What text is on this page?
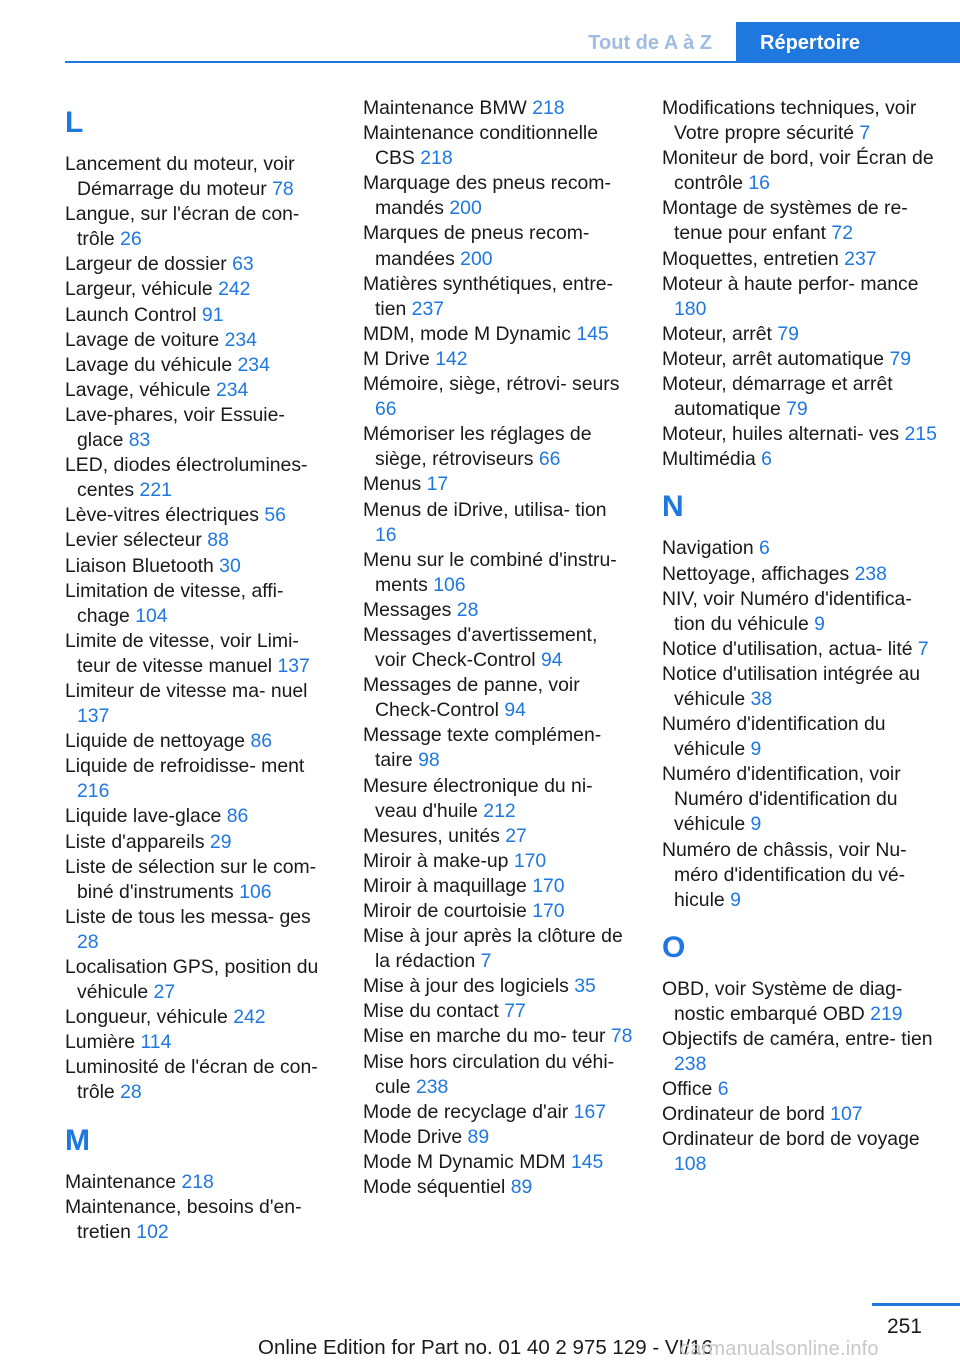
Tout de A à Z	Répertoire
L
Lancement du moteur, voir Démarrage du moteur 78
Langue, sur l'écran de con‐ trôle 26
Largeur de dossier 63
Largeur, véhicule 242
Launch Control 91
Lavage de voiture 234
Lavage du véhicule 234
Lavage, véhicule 234
Lave-phares, voir Essuie- glace 83
LED, diodes électrolumines‐ centes 221
Lève-vitres électriques 56
Levier sélecteur 88
Liaison Bluetooth 30
Limitation de vitesse, affi‐ chage 104
Limite de vitesse, voir Limi‐ teur de vitesse manuel 137
Limiteur de vitesse ma‐ nuel 137
Liquide de nettoyage 86
Liquide de refroidisse‐ ment 216
Liquide lave-glace 86
Liste d'appareils 29
Liste de sélection sur le com‐ biné d'instruments 106
Liste de tous les messa‐ ges 28
Localisation GPS, position du véhicule 27
Longueur, véhicule 242
Lumière 114
Luminosité de l'écran de con‐ trôle 28
M
Maintenance 218
Maintenance, besoins d'en‐ tretien 102
Maintenance BMW 218
Maintenance conditionnelle CBS 218
Marquage des pneus recom‐ mandés 200
Marques de pneus recom‐ mandées 200
Matières synthétiques, entre‐ tien 237
MDM, mode M Dynamic 145
M Drive 142
Mémoire, siège, rétrovi‐ seurs 66
Mémoriser les réglages de siège, rétroviseurs 66
Menus 17
Menus de iDrive, utilisa‐ tion 16
Menu sur le combiné d'instru‐ ments 106
Messages 28
Messages d'avertissement, voir Check-Control 94
Messages de panne, voir Check-Control 94
Message texte complémen‐ taire 98
Mesure électronique du ni‐ veau d'huile 212
Mesures, unités 27
Miroir à make-up 170
Miroir à maquillage 170
Miroir de courtoisie 170
Mise à jour après la clôture de la rédaction 7
Mise à jour des logiciels 35
Mise du contact 77
Mise en marche du mo‐ teur 78
Mise hors circulation du véhi‐ cule 238
Mode de recyclage d'air 167
Mode Drive 89
Mode M Dynamic MDM 145
Mode séquentiel 89
Modifications techniques, voir Votre propre sécurité 7
Moniteur de bord, voir Écran de contrôle 16
Montage de systèmes de re‐ tenue pour enfant 72
Moquettes, entretien 237
Moteur à haute perfor‐ mance 180
Moteur, arrêt 79
Moteur, arrêt automatique 79
Moteur, démarrage et arrêt automatique 79
Moteur, huiles alternati‐ ves 215
Multimédia 6
N
Navigation 6
Nettoyage, affichages 238
NIV, voir Numéro d'identifica‐ tion du véhicule 9
Notice d'utilisation, actua‐ lité 7
Notice d'utilisation intégrée au véhicule 38
Numéro d'identification du véhicule 9
Numéro d'identification, voir Numéro d'identification du véhicule 9
Numéro de châssis, voir Nu‐ méro d'identification du vé‐ hicule 9
O
OBD, voir Système de diag‐ nostic embarqué OBD 219
Objectifs de caméra, entre‐ tien 238
Office 6
Ordinateur de bord 107
Ordinateur de bord de voyage 108
251
Online Edition for Part no. 01 40 2 975 129 - VI/16
carmanualsonline.info
